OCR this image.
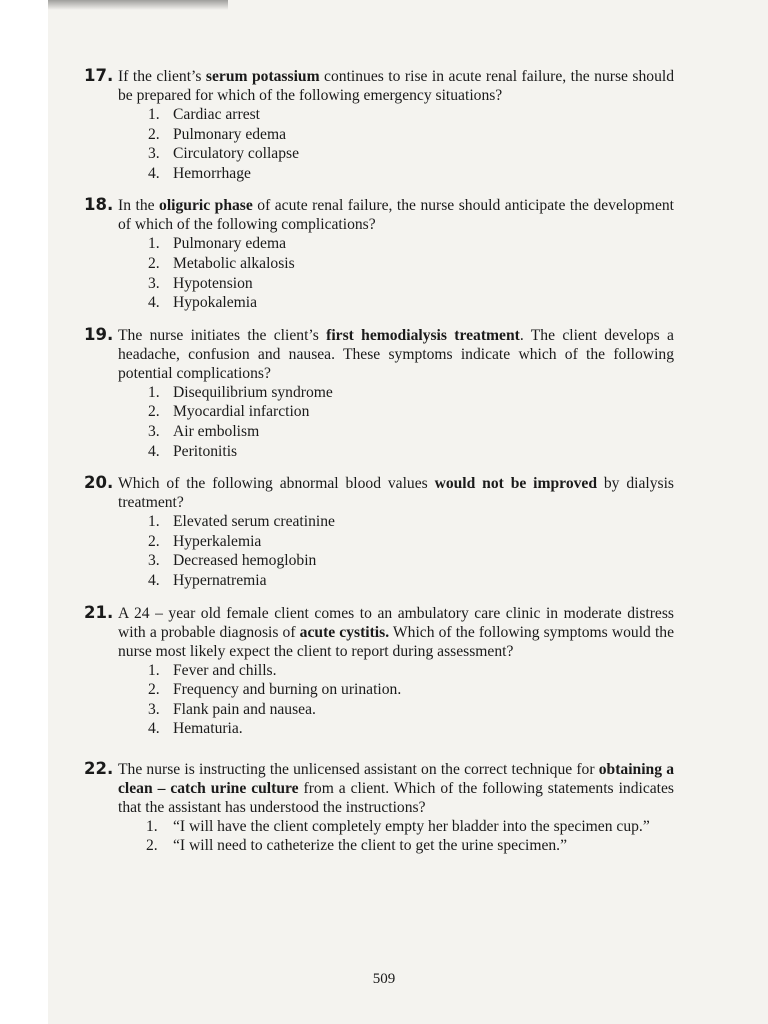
17. If the client’s serum potassium continues to rise in acute renal failure, the nurse should be prepared for which of the following emergency situations?
1. Cardiac arrest
2. Pulmonary edema
3. Circulatory collapse
4. Hemorrhage
18. In the oliguric phase of acute renal failure, the nurse should anticipate the development of which of the following complications?
1. Pulmonary edema
2. Metabolic alkalosis
3. Hypotension
4. Hypokalemia
19. The nurse initiates the client’s first hemodialysis treatment. The client develops a headache, confusion and nausea. These symptoms indicate which of the following potential complications?
1. Disequilibrium syndrome
2. Myocardial infarction
3. Air embolism
4. Peritonitis
20. Which of the following abnormal blood values would not be improved by dialysis treatment?
1. Elevated serum creatinine
2. Hyperkalemia
3. Decreased hemoglobin
4. Hypernatremia
21. A 24 – year old female client comes to an ambulatory care clinic in moderate distress with a probable diagnosis of acute cystitis. Which of the following symptoms would the nurse most likely expect the client to report during assessment?
1. Fever and chills.
2. Frequency and burning on urination.
3. Flank pain and nausea.
4. Hematuria.
22. The nurse is instructing the unlicensed assistant on the correct technique for obtaining a clean – catch urine culture from a client. Which of the following statements indicates that the assistant has understood the instructions?
1. “I will have the client completely empty her bladder into the specimen cup.”
2. “I will need to catheterize the client to get the urine specimen.”
509
